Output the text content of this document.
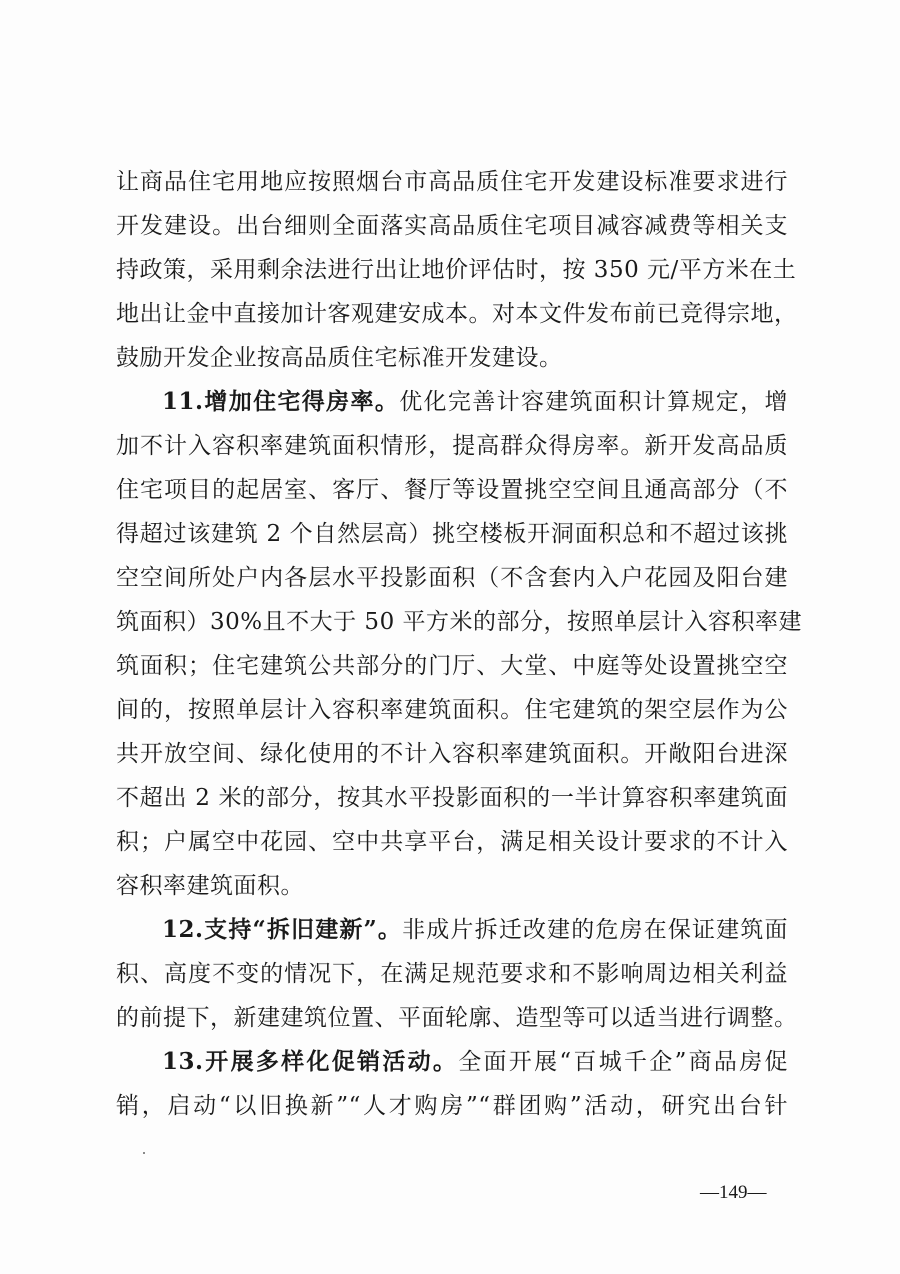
让商品住宅用地应按照烟台市高品质住宅开发建设标准要求进行
开发建设。出台细则全面落实高品质住宅项目减容减费等相关支
持政策，采用剩余法进行出让地价评估时，按 350 元/平方米在土
地出让金中直接加计客观建安成本。对本文件发布前已竞得宗地，
鼓励开发企业按高品质住宅标准开发建设。
11.增加住宅得房率。优化完善计容建筑面积计算规定，增
加不计入容积率建筑面积情形，提高群众得房率。新开发高品质
住宅项目的起居室、客厅、餐厅等设置挑空空间且通高部分（不
得超过该建筑 2 个自然层高）挑空楼板开洞面积总和不超过该挑
空空间所处户内各层水平投影面积（不含套内入户花园及阳台建
筑面积）30%且不大于 50 平方米的部分，按照单层计入容积率建
筑面积；住宅建筑公共部分的门厅、大堂、中庭等处设置挑空空
间的，按照单层计入容积率建筑面积。住宅建筑的架空层作为公
共开放空间、绿化使用的不计入容积率建筑面积。开敞阳台进深
不超出 2 米的部分，按其水平投影面积的一半计算容积率建筑面
积；户属空中花园、空中共享平台，满足相关设计要求的不计入
容积率建筑面积。
12.支持“拆旧建新”。非成片拆迁改建的危房在保证建筑面
积、高度不变的情况下，在满足规范要求和不影响周边相关利益
的前提下，新建建筑位置、平面轮廓、造型等可以适当进行调整。
13.开展多样化促销活动。全面开展“百城千企”商品房促
销，启动“以旧换新”“人才购房”“群团购”活动，研究出台针
—149—
